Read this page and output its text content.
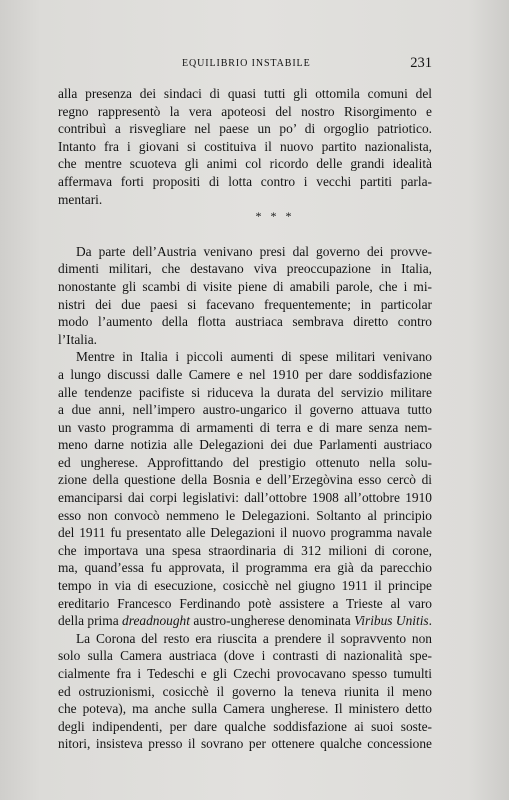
EQUILIBRIO INSTABILE	231
alla presenza dei sindaci di quasi tutti gli ottomila comuni del
regno rappresentò la vera apoteosi del nostro Risorgimento e
contribuì a risvegliare nel paese un po’ di orgoglio patriotico.
Intanto fra i giovani si costituiva il nuovo partito nazionalista,
che mentre scuoteva gli animi col ricordo delle grandi idealità
affermava forti propositi di lotta contro i vecchi partiti parla-
mentari.
* * *
Da parte dell’Austria venivano presi dal governo dei provve-
dimenti militari, che destavano viva preoccupazione in Italia,
nonostante gli scambi di visite piene di amabili parole, che i mi-
nistri dei due paesi si facevano frequentemente; in particolar
modo l’aumento della flotta austriaca sembrava diretto contro
l’Italia.
Mentre in Italia i piccoli aumenti di spese militari venivano
a lungo discussi dalle Camere e nel 1910 per dare soddisfazione
alle tendenze pacifiste si riduceva la durata del servizio militare
a due anni, nell’impero austro-ungarico il governo attuava tutto
un vasto programma di armamenti di terra e di mare senza nem-
meno darne notizia alle Delegazioni dei due Parlamenti austriaco
ed ungherese. Approfittando del prestigio ottenuto nella solu-
zione della questione della Bosnia e dell’Erzegòvina esso cercò di
emanciparsi dai corpi legislativi: dall’ottobre 1908 all’ottobre 1910
esso non convocò nemmeno le Delegazioni. Soltanto al principio
del 1911 fu presentato alle Delegazioni il nuovo programma navale
che importava una spesa straordinaria di 312 milioni di corone,
ma, quand’essa fu approvata, il programma era già da parecchio
tempo in via di esecuzione, cosicchè nel giugno 1911 il principe
ereditario Francesco Ferdinando potè assistere a Trieste al varo
della prima dreadnought austro-ungherese denominata Viribus Unitis.
La Corona del resto era riuscita a prendere il sopravvento non
solo sulla Camera austriaca (dove i contrasti di nazionalità spe-
cialmente fra i Tedeschi e gli Czechi provocavano spesso tumulti
ed ostruzionismi, cosicchè il governo la teneva riunita il meno
che poteva), ma anche sulla Camera ungherese. Il ministero detto
degli indipendenti, per dare qualche soddisfazione ai suoi soste-
nitori, insisteva presso il sovrano per ottenere qualche concessione
